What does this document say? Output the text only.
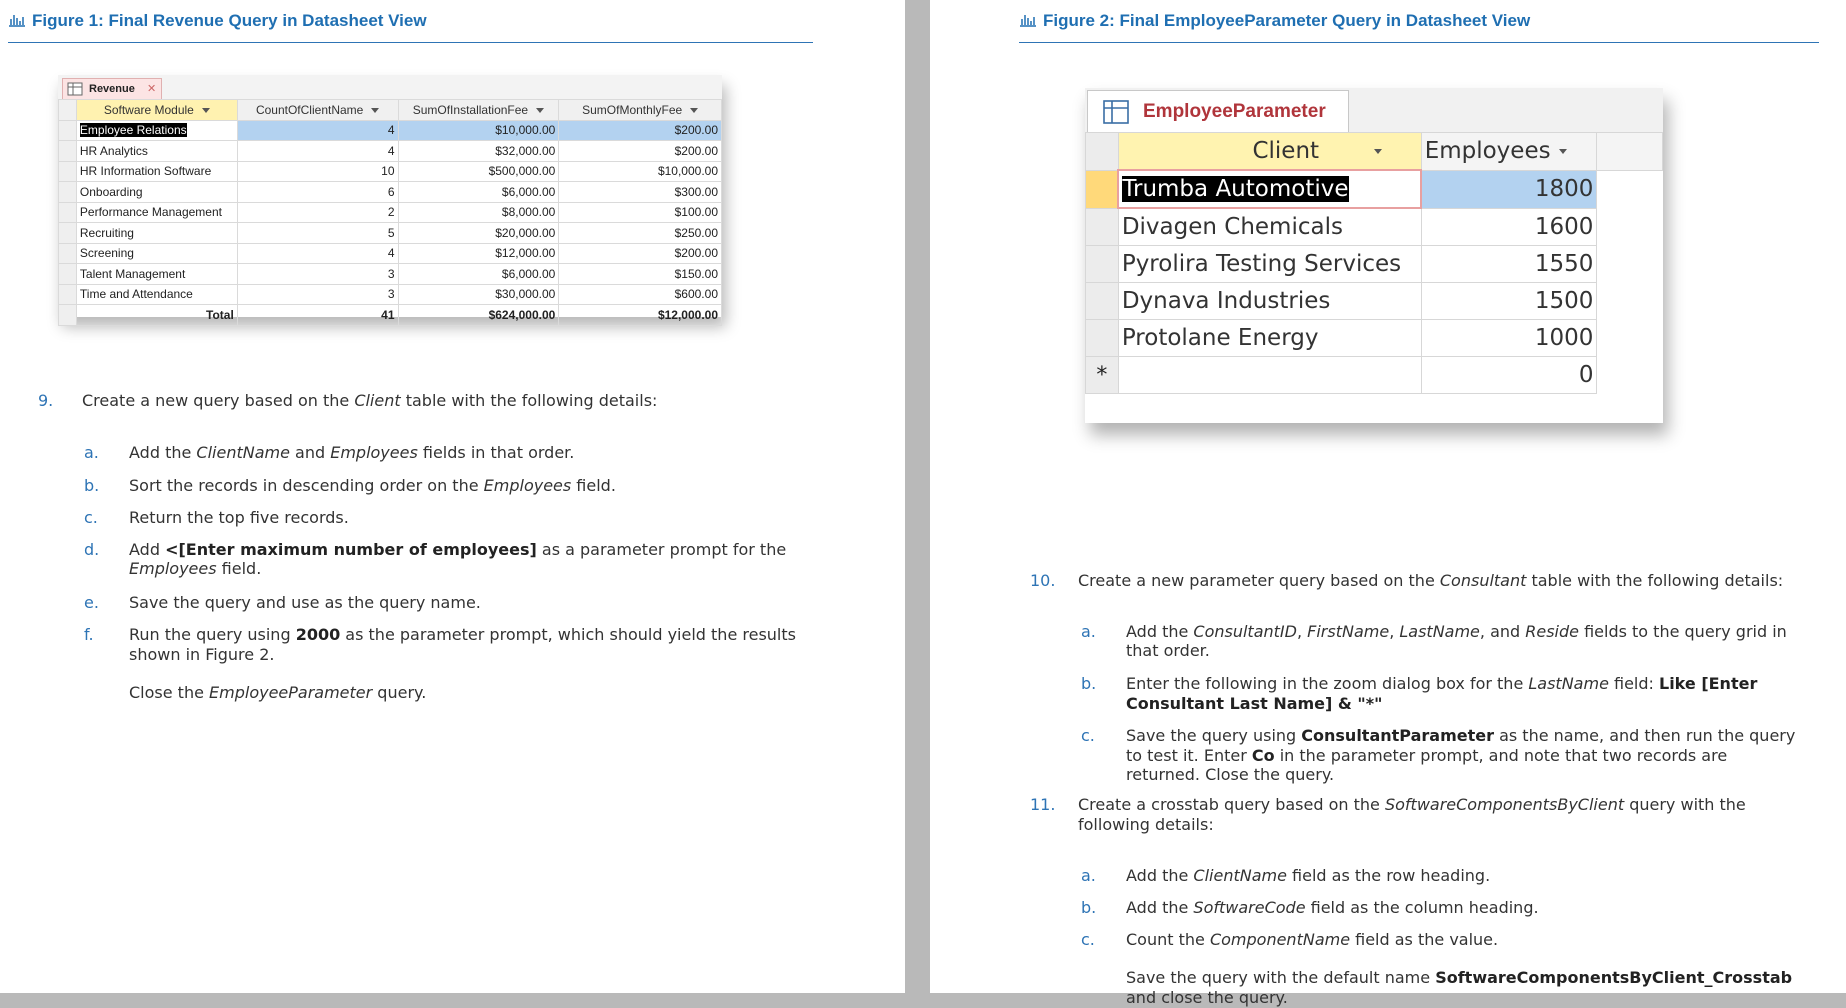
Figure 1: Final Revenue Query in Datasheet View
Revenue ✕
	Software Module	CountOfClientName	SumOfInstallationFee	SumOfMonthlyFee
	Employee Relations	4	$10,000.00	$200.00
	HR Analytics	4	$32,000.00	$200.00
	HR Information Software	10	$500,000.00	$10,000.00
	Onboarding	6	$6,000.00	$300.00
	Performance Management	2	$8,000.00	$100.00
	Recruiting	5	$20,000.00	$250.00
	Screening	4	$12,000.00	$200.00
	Talent Management	3	$6,000.00	$150.00
	Time and Attendance	3	$30,000.00	$600.00
	Total	41	$624,000.00	$12,000.00
9. Create a new query based on the Client table with the following details:
a. Add the ClientName and Employees fields in that order.
b. Sort the records in descending order on the Employees field.
c. Return the top five records.
d. Add <[Enter maximum number of employees] as a parameter prompt for the
Employees field.
e. Save the query and use as the query name.
f. Run the query using 2000 as the parameter prompt, which should yield the results
shown in Figure 2.
Close the EmployeeParameter query.
Figure 2: Final EmployeeParameter Query in Datasheet View
EmployeeParameter
	Client	Employees	
	Trumba Automotive	1800	
	Divagen Chemicals	1600	
	Pyrolira Testing Services	1550	
	Dynava Industries	1500	
	Protolane Energy	1000	
*		0	
10. Create a new parameter query based on the Consultant table with the following details:
a. Add the ConsultantID, FirstName, LastName, and Reside fields to the query grid in
that order.
b. Enter the following in the zoom dialog box for the LastName field: Like [Enter
Consultant Last Name] & "*"
c. Save the query using ConsultantParameter as the name, and then run the query
to test it. Enter Co in the parameter prompt, and note that two records are
returned. Close the query.
11. Create a crosstab query based on the SoftwareComponentsByClient query with the
following details:
a. Add the ClientName field as the row heading.
b. Add the SoftwareCode field as the column heading.
c. Count the ComponentName field as the value.
Save the query with the default name SoftwareComponentsByClient_Crosstab
and close the query.
